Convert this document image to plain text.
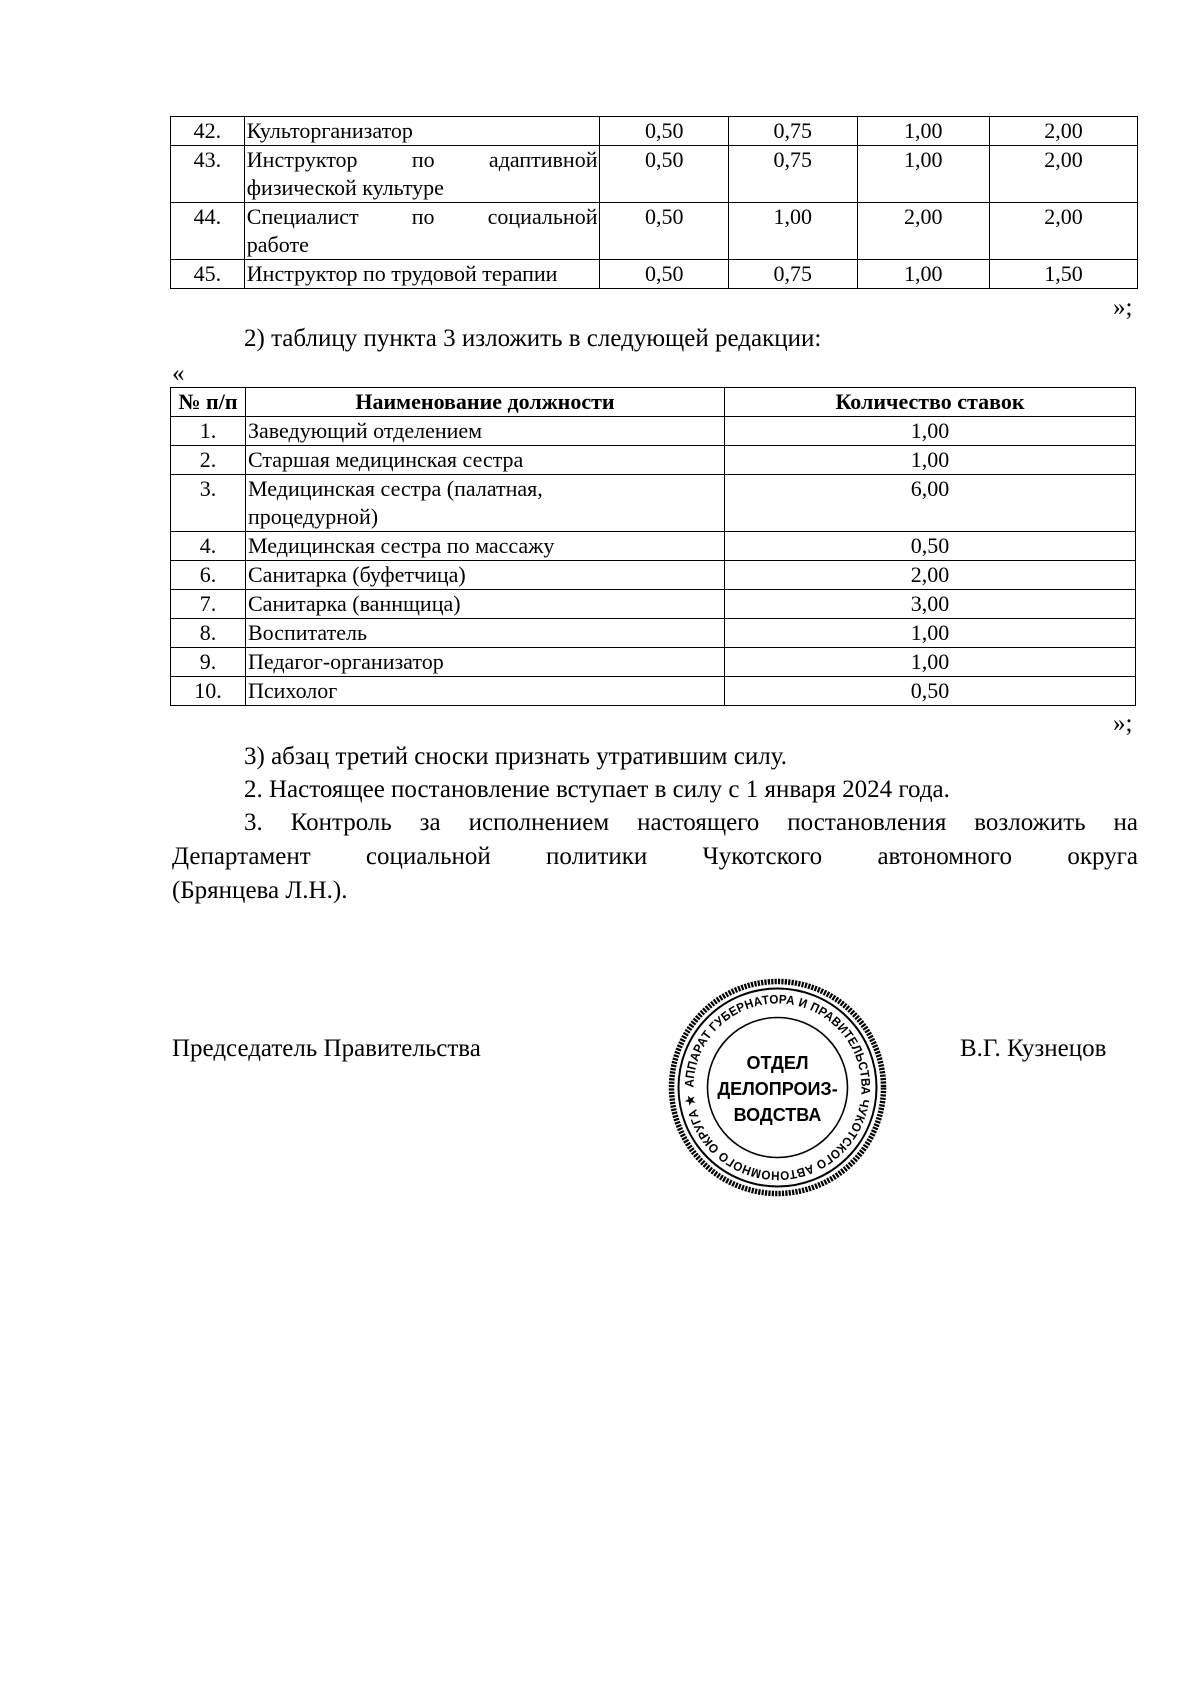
42.	Культорганизатор	0,50	0,75	1,00	2,00
43.	Инструктор по адаптивной
физической культуре	0,50	0,75	1,00	2,00
44.	Специалист по социальной
работе	0,50	1,00	2,00	2,00
45.	Инструктор по трудовой терапии	0,50	0,75	1,00	1,50
»;
2) таблицу пункта 3 изложить в следующей редакции:
«
№ п/п	Наименование должности	Количество ставок
1.	Заведующий отделением	1,00
2.	Старшая медицинская сестра	1,00
3.	Медицинская сестра (палатная,
процедурной)	6,00
4.	Медицинская сестра по массажу	0,50
6.	Санитарка (буфетчица)	2,00
7.	Санитарка (ваннщица)	3,00
8.	Воспитатель	1,00
9.	Педагог-организатор	1,00
10.	Психолог	0,50
»;
3) абзац третий сноски признать утратившим силу.
2. Настоящее постановление вступает в силу с 1 января 2024 года.
3. Контроль за исполнением настоящего постановления возложить на
Департамент социальной политики Чукотского автономного округа
(Брянцева Л.Н.).
Председатель Правительства	В.Г. Кузнецов
АППАРАТ ГУБЕРНАТОРА И ПРАВИТЕЛЬСТВА ЧУКОТСКОГО АВТОНОМНОГО ОКРУГА ★
ОТДЕЛ
ДЕЛОПРОИЗ-
ВОДСТВА
